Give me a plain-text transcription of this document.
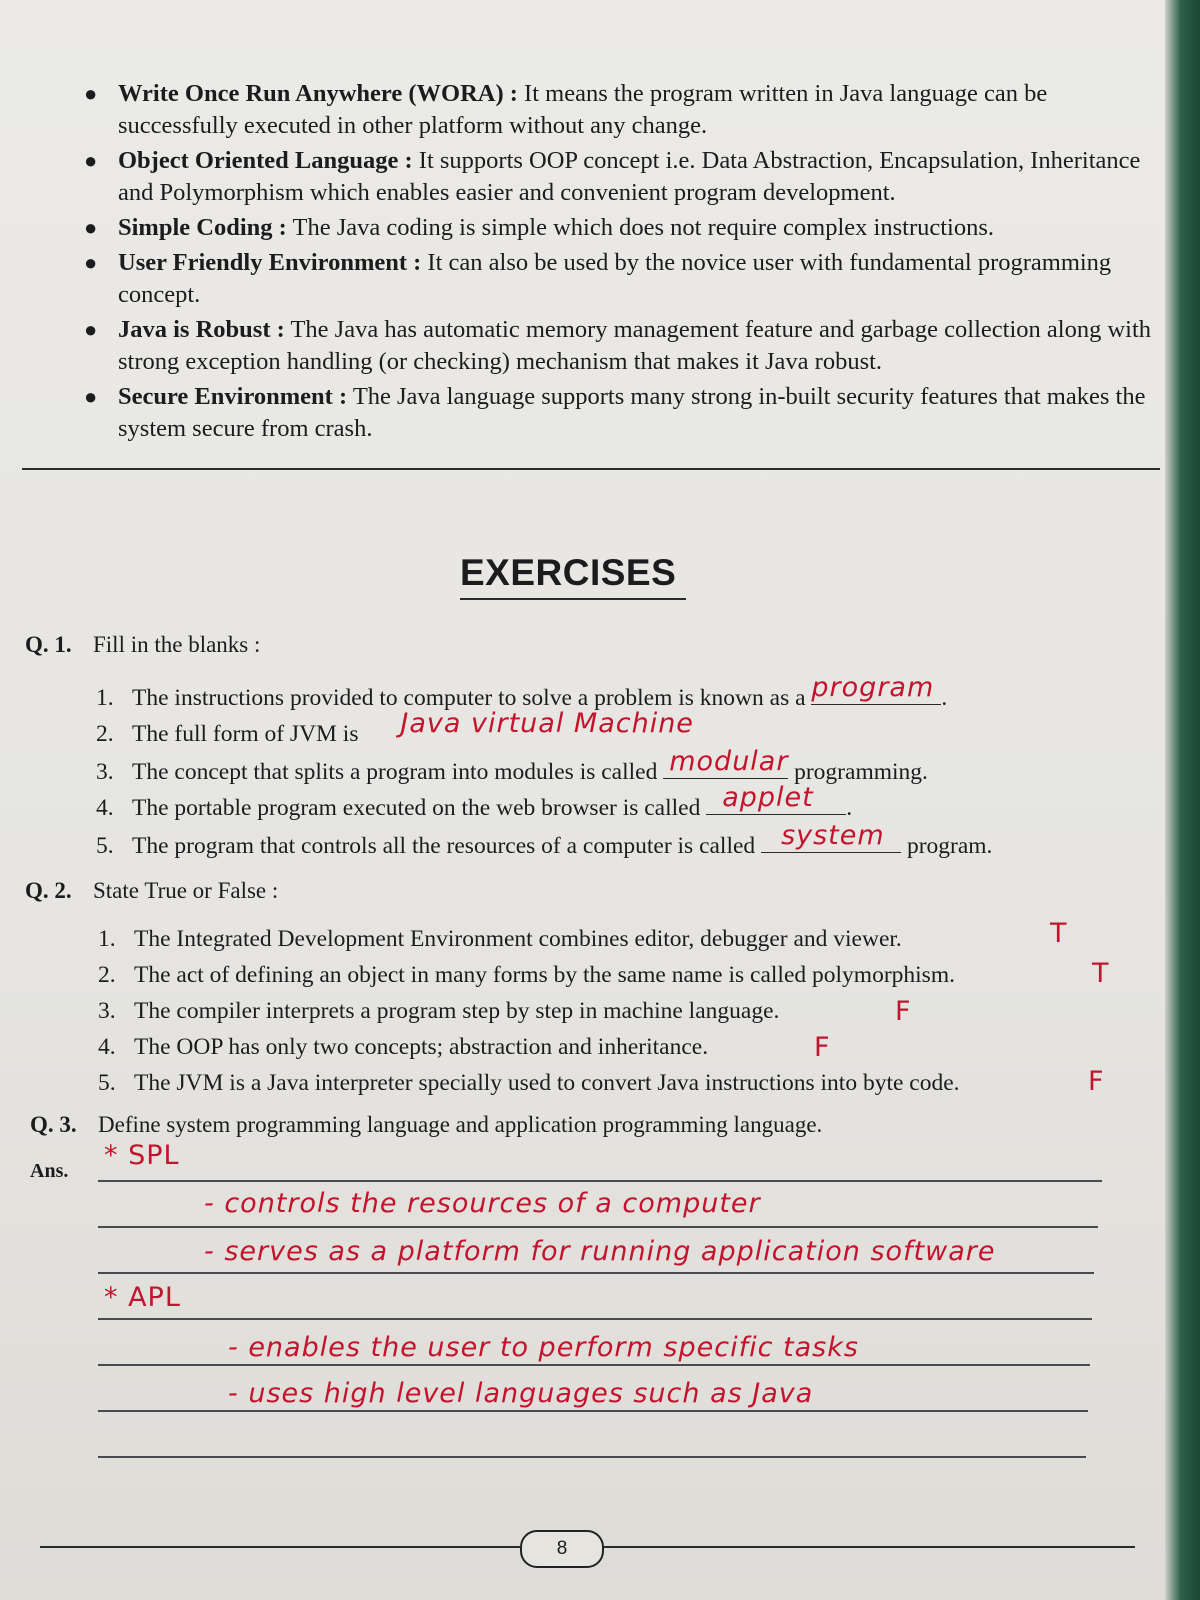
● Write Once Run Anywhere (WORA) : It means the program written in Java language can be successfully executed in other platform without any change.
● Object Oriented Language : It supports OOP concept i.e. Data Abstraction, Encapsulation, Inheritance and Polymorphism which enables easier and convenient program development.
● Simple Coding : The Java coding is simple which does not require complex instructions.
● User Friendly Environment : It can also be used by the novice user with fundamental programming concept.
● Java is Robust : The Java has automatic memory management feature and garbage collection along with strong exception handling (or checking) mechanism that makes it Java robust.
● Secure Environment : The Java language supports many strong in-built security features that makes the system secure from crash.
EXERCISES
Q. 1. Fill in the blanks :
1. The instructions provided to computer to solve a problem is known as a program .
2. The full form of JVM is Java virtual Machine
3. The concept that splits a program into modules is called modular programming.
4. The portable program executed on the web browser is called applet .
5. The program that controls all the resources of a computer is called system program.
Q. 2. State True or False :
1. The Integrated Development Environment combines editor, debugger and viewer.	T
2. The act of defining an object in many forms by the same name is called polymorphism.	T
3. The compiler interprets a program step by step in machine language.	F
4. The OOP has only two concepts; abstraction and inheritance.	F
5. The JVM is a Java interpreter specially used to convert Java instructions into byte code.	F
Q. 3. Define system programming language and application programming language.
Ans. * SPL
- controls the resources of a computer
- serves as a platform for running application software
* APL
- enables the user to perform specific tasks
- uses high level languages such as Java
8
